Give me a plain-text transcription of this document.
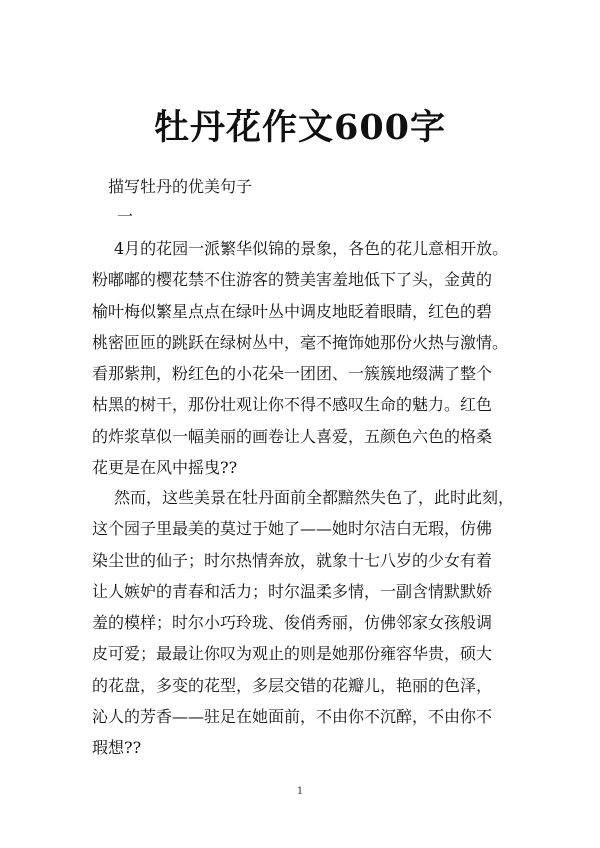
牡丹花作文600字
描写牡丹的优美句子
一
4月的花园一派繁华似锦的景象，各色的花儿意相开放。
粉嘟嘟的樱花禁不住游客的赞美害羞地低下了头，金黄的
榆叶梅似繁星点点在绿叶丛中调皮地眨着眼睛，红色的碧
桃密匝匝的跳跃在绿树丛中，毫不掩饰她那份火热与激情。
看那紫荆，粉红色的小花朵一团团、一簇簇地缀满了整个
枯黑的树干，那份壮观让你不得不感叹生命的魅力。红色
的炸浆草似一幅美丽的画卷让人喜爱，五颜色六色的格桑
花更是在风中摇曳??
然而，这些美景在牡丹面前全都黯然失色了，此时此刻，
这个园子里最美的莫过于她了——她时尔洁白无瑕，仿佛
染尘世的仙子；时尔热情奔放，就象十七八岁的少女有着
让人嫉妒的青春和活力；时尔温柔多情，一副含情默默娇
羞的模样；时尔小巧玲珑、俊俏秀丽，仿佛邻家女孩般调
皮可爱；最最让你叹为观止的则是她那份雍容华贵，硕大
的花盘，多变的花型，多层交错的花瓣儿，艳丽的色泽，
沁人的芳香——驻足在她面前，不由你不沉醉，不由你不
瑕想??
1
